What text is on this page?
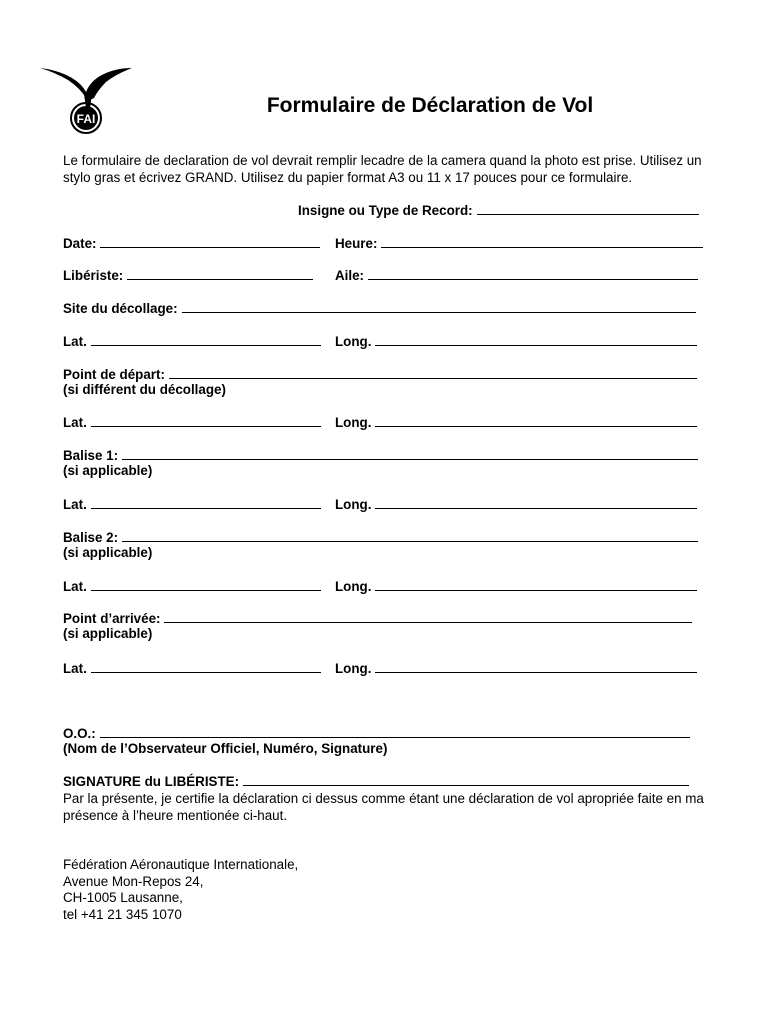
FAI
Formulaire de Déclaration de Vol
Le formulaire de declaration de vol devrait remplir lecadre de la camera quand la photo est prise. Utilisez un stylo gras et écrivez GRAND. Utilisez du papier format A3 ou 11 x 17 pouces pour ce formulaire.
Insigne ou Type de Record:
Date:	Heure:
Libériste:	Aile:
Site du décollage:
Lat.	Long.
Point de départ:
(si différent du décollage)
Lat.	Long.
Balise 1:
(si applicable)
Lat.	Long.
Balise 2:
(si applicable)
Lat.	Long.
Point d’arrivée:
(si applicable)
Lat.	Long.
O.O.:
(Nom de l’Observateur Officiel, Numéro, Signature)
SIGNATURE du LIBÉRISTE:
Par la présente, je certifie la déclaration ci dessus comme étant une déclaration de vol apropriée faite en ma présence à l’heure mentionée ci-haut.
Fédération Aéronautique Internationale,
Avenue Mon-Repos 24,
CH-1005 Lausanne,
tel +41 21 345 1070
